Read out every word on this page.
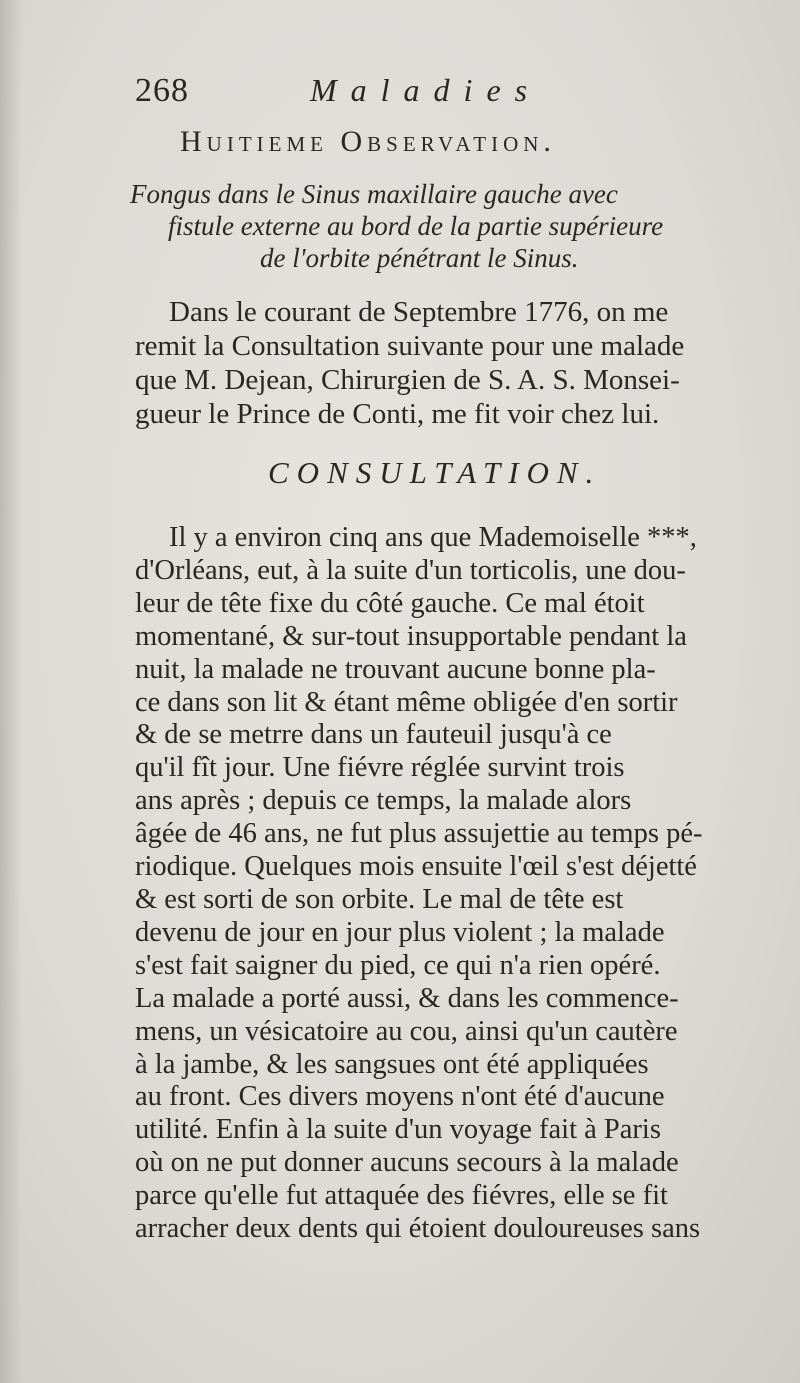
268	Maladies
Huitieme Observation.
Fongus dans le Sinus maxillaire gauche avec
fistule externe au bord de la partie supérieure
de l'orbite pénétrant le Sinus.
Dans le courant de Septembre 1776, on me
remit la Consultation suivante pour une malade
que M. Dejean, Chirurgien de S. A. S. Monsei-
gueur le Prince de Conti, me fit voir chez lui.
CONSULTATION.
Il y a environ cinq ans que Mademoiselle ***,
d'Orléans, eut, à la suite d'un torticolis, une dou-
leur de tête fixe du côté gauche. Ce mal étoit
momentané, & sur-tout insupportable pendant la
nuit, la malade ne trouvant aucune bonne pla-
ce dans son lit & étant même obligée d'en sortir
& de se metrre dans un fauteuil jusqu'à ce
qu'il fît jour. Une fiévre réglée survint trois
ans après ; depuis ce temps, la malade alors
âgée de 46 ans, ne fut plus assujettie au temps pé-
riodique. Quelques mois ensuite l'œil s'est déjetté
& est sorti de son orbite. Le mal de tête est
devenu de jour en jour plus violent ; la malade
s'est fait saigner du pied, ce qui n'a rien opéré.
La malade a porté aussi, & dans les commence-
mens, un vésicatoire au cou, ainsi qu'un cautère
à la jambe, & les sangsues ont été appliquées
au front. Ces divers moyens n'ont été d'aucune
utilité. Enfin à la suite d'un voyage fait à Paris
où on ne put donner aucuns secours à la malade
parce qu'elle fut attaquée des fiévres, elle se fit
arracher deux dents qui étoient douloureuses sans
